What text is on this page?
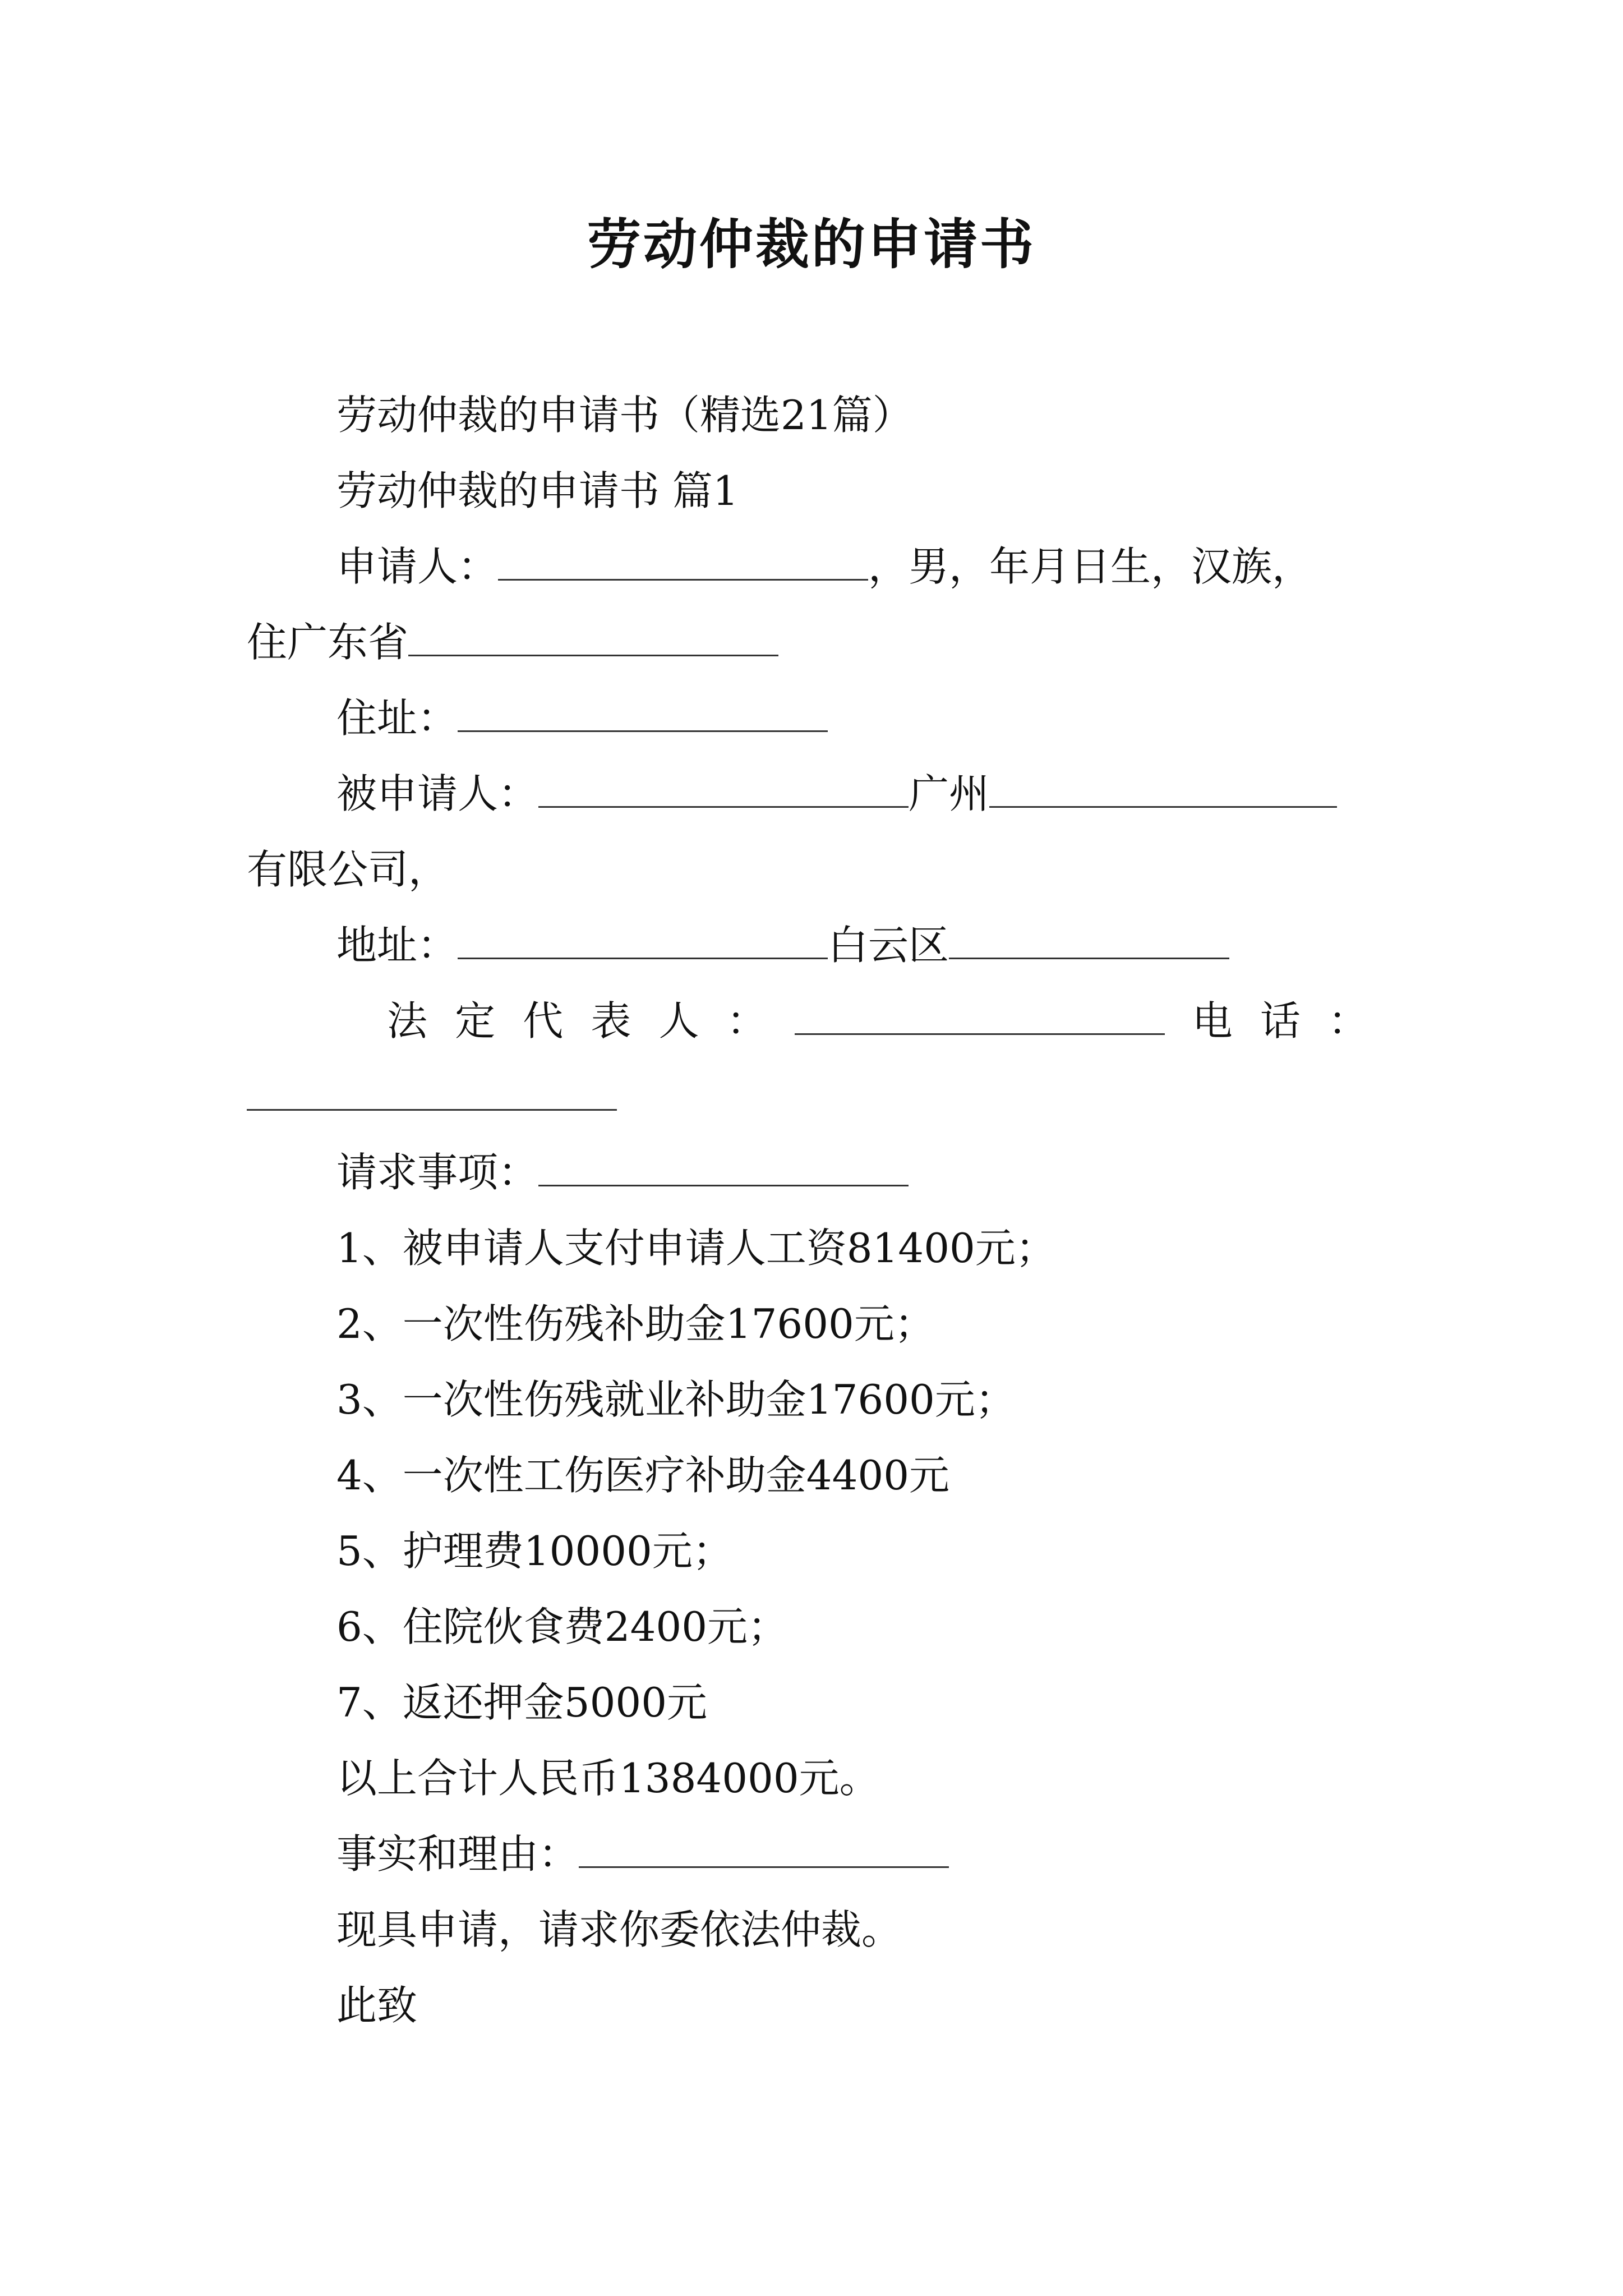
劳动仲裁的申请书
劳动仲裁的申请书（精选21篇）
劳动仲裁的申请书 篇1
申请人：	，男，年月日生，汉族，
住广东省
住址：
被申请人：	广州
有限公司，
地址：	白云区
法 定 代 表 人 ：	电 话 ：
请求事项：
1、被申请人支付申请人工资81400元；
2、一次性伤残补助金17600元；
3、一次性伤残就业补助金17600元；
4、一次性工伤医疗补助金4400元
5、护理费10000元；
6、住院伙食费2400元；
7、返还押金5000元
以上合计人民币1384000元。
事实和理由：
现具申请，请求你委依法仲裁。
此致
